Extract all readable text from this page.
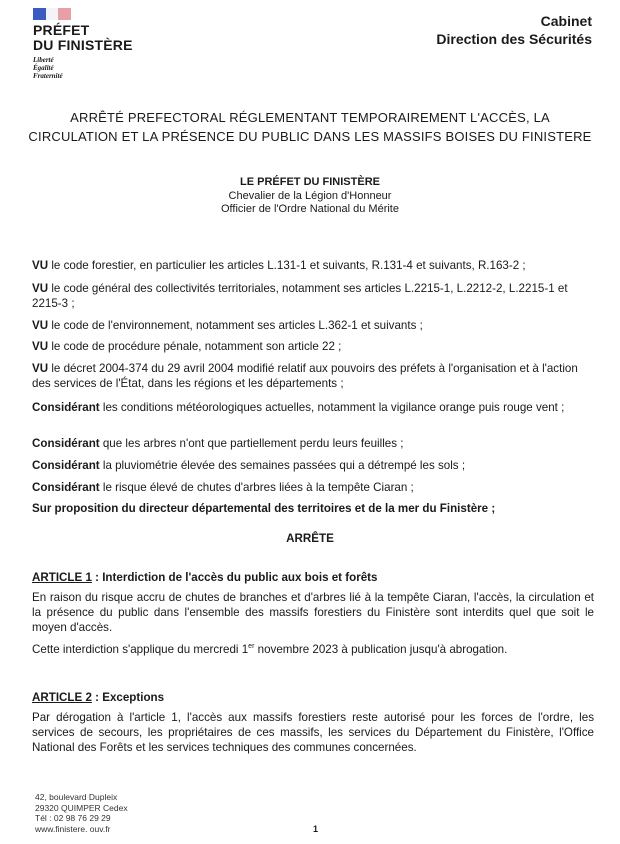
PRÉFET
DU FINISTÈRE
Liberté
Égalité
Fraternité
Cabinet
Direction des Sécurités
ARRÊTÉ PREFECTORAL RÉGLEMENTANT TEMPORAIREMENT L'ACCÈS, LA
CIRCULATION ET LA PRÉSENCE DU PUBLIC DANS LES MASSIFS BOISES DU FINISTERE
LE PRÉFET DU FINISTÈRE
Chevalier de la Légion d'Honneur
Officier de l'Ordre National du Mérite
VU le code forestier, en particulier les articles L.131-1 et suivants, R.131-4 et suivants, R.163-2 ;
VU le code général des collectivités territoriales, notamment ses articles L.2215-1, L.2212-2, L.2215-1 et 2215-3 ;
VU le code de l'environnement, notamment ses articles L.362-1 et suivants ;
VU le code de procédure pénale, notamment son article 22 ;
VU le décret 2004-374 du 29 avril 2004 modifié relatif aux pouvoirs des préfets à l'organisation et à l'action des services de l'État, dans les régions et les départements ;
Considérant les conditions météorologiques actuelles, notamment la vigilance orange puis rouge vent ;
Considérant que les arbres n'ont que partiellement perdu leurs feuilles ;
Considérant la pluviométrie élevée des semaines passées qui a détrempé les sols ;
Considérant le risque élevé de chutes d'arbres liées à la tempête Ciaran ;
Sur proposition du directeur départemental des territoires et de la mer du Finistère ;
ARRÊTE
ARTICLE 1 : Interdiction de l'accès du public aux bois et forêts
En raison du risque accru de chutes de branches et d'arbres lié à la tempête Ciaran, l'accès, la circulation et la présence du public dans l'ensemble des massifs forestiers du Finistère sont interdits quel que soit le moyen d'accès.
Cette interdiction s'applique du mercredi 1er novembre 2023 à publication jusqu'à abrogation.
ARTICLE 2 : Exceptions
Par dérogation à l'article 1, l'accès aux massifs forestiers reste autorisé pour les forces de l'ordre, les services de secours, les propriétaires de ces massifs, les services du Département du Finistère, l'Office National des Forêts et les services techniques des communes concernées.
42, boulevard Dupleix
29320 QUIMPER Cedex
Tél : 02 98 76 29 29
www.finistere. ouv.fr	1
